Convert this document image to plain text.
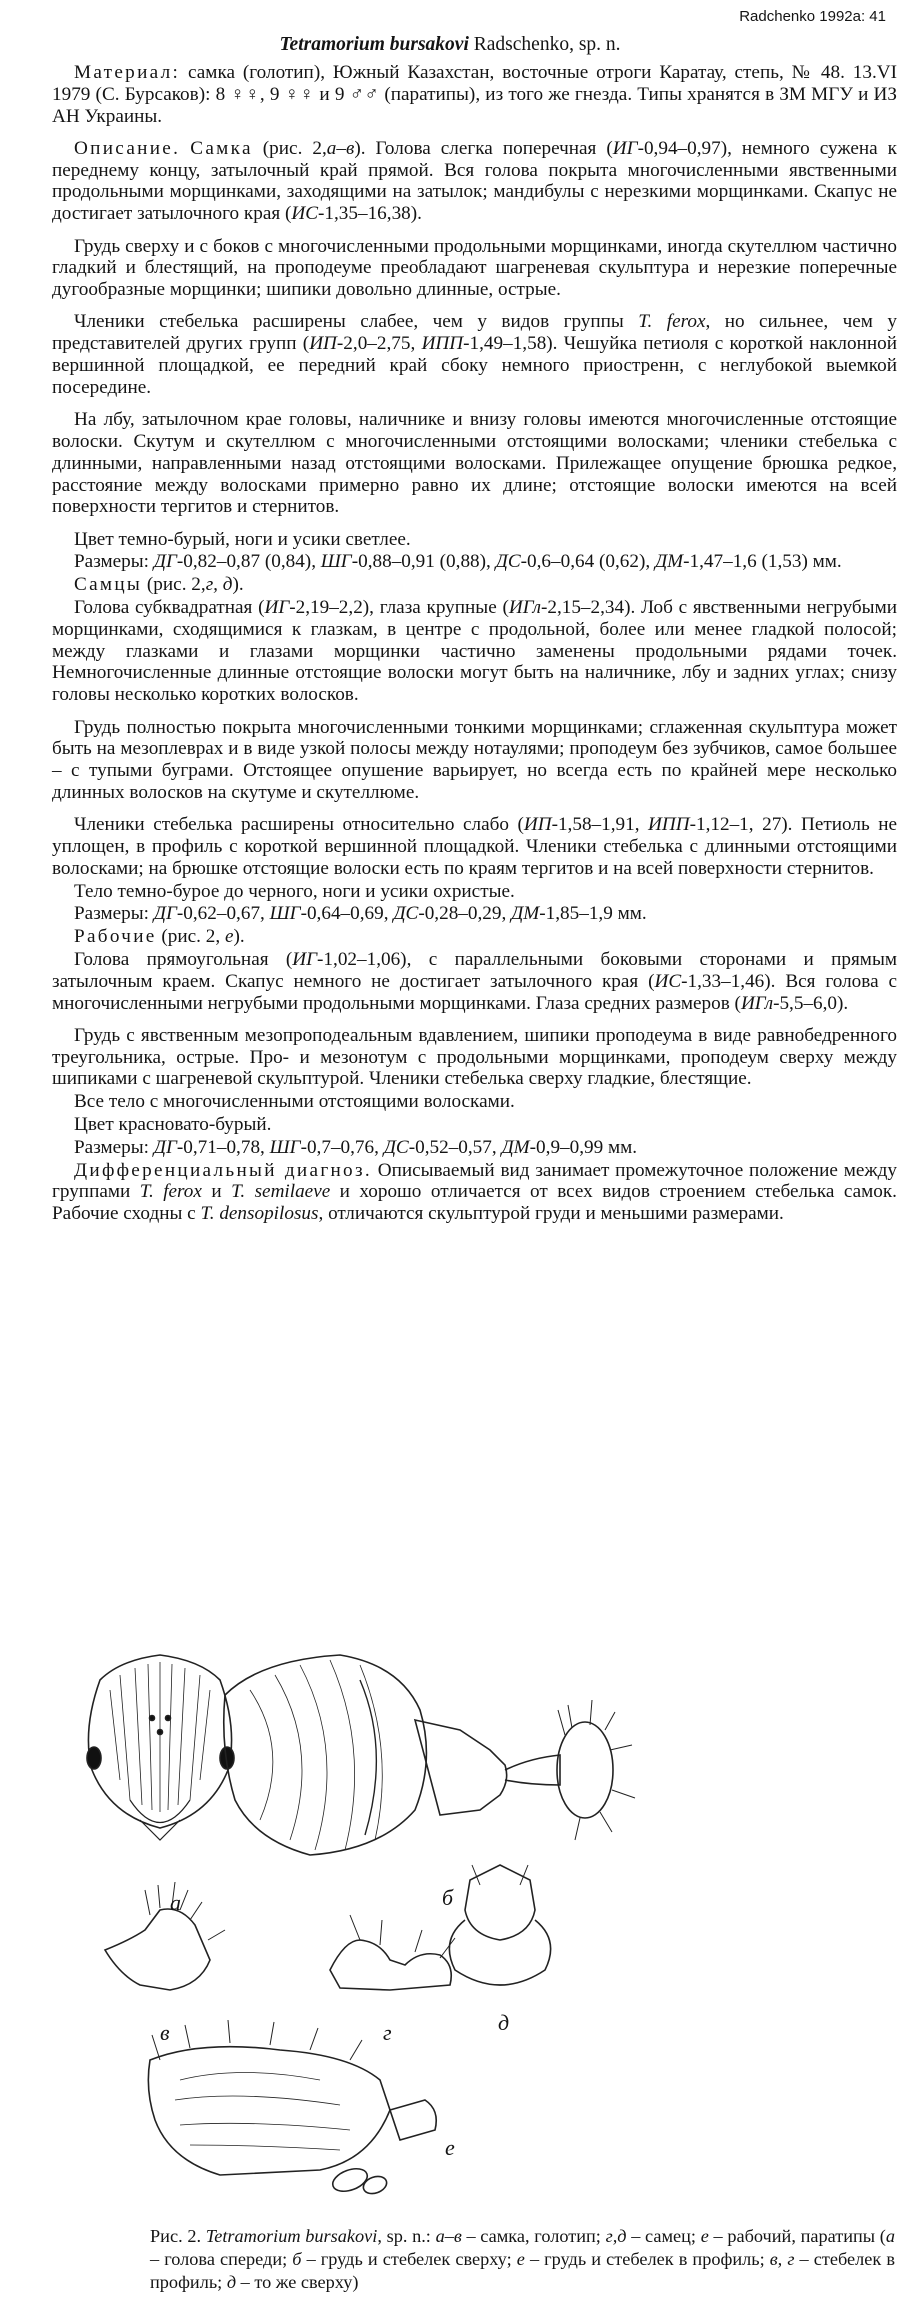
Radchenko 1992a: 41
Tetramorium bursakovi Radschenko, sp. n.

Материал: самка (голотип), Южный Казахстан, восточные отроги Каратау, степь, № 48. 13.VI 1979 (С. Бурсаков): 8 ♀♀, 9 ♀♀ и 9 ♂♂ (паратипы), из того же гнезда. Типы хранятся в ЗМ МГУ и ИЗ АН Украины.

Описание. Самка (рис. 2,а–в). Голова слегка поперечная (ИГ-0,94–0,97), немного сужена к переднему концу, затылочный край прямой. Вся голова покрыта многочисленными явственными продольными морщинками, заходящими на затылок; мандибулы с нерезкими морщинками. Скапус не достигает затылочного края (ИС-1,35–16,38).

Грудь сверху и с боков с многочисленными продольными морщинками, иногда скутеллюм частично гладкий и блестящий, на проподеуме преобладают шагреневая скульптура и нерезкие поперечные дугообразные морщинки; шипики довольно длинные, острые.

Членики стебелька расширены слабее, чем у видов группы T. ferox, но сильнее, чем у представителей других групп (ИП-2,0–2,75, ИПП-1,49–1,58). Чешуйка петиоля с короткой наклонной вершинной площадкой, ее передний край сбоку немного приостренн, с неглубокой выемкой посередине.

На лбу, затылочном крае головы, наличнике и внизу головы имеются многочисленные отстоящие волоски. Скутум и скутеллюм с многочисленными отстоящими волосками; членики стебелька с длинными, направленными назад отстоящими волосками. Прилежащее опущение брюшка редкое, расстояние между волосками примерно равно их длине; отстоящие волоски имеются на всей поверхности тергитов и стернитов.

Цвет темно-бурый, ноги и усики светлее.

Размеры: ДГ-0,82–0,87 (0,84), ШГ-0,88–0,91 (0,88), ДС-0,6–0,64 (0,62), ДМ-1,47–1,6 (1,53) мм.

Самцы (рис. 2,г, д).

Голова субквадратная (ИГ-2,19–2,2), глаза крупные (ИГл-2,15–2,34). Лоб с явственными негрубыми морщинками, сходящимися к глазкам, в центре с продольной, более или менее гладкой полосой; между глазками и глазами морщинки частично заменены продольными рядами точек. Немногочисленные длинные отстоящие волоски могут быть на наличнике, лбу и задних углах; снизу головы несколько коротких волосков.

Грудь полностью покрыта многочисленными тонкими морщинками; сглаженная скульптура может быть на мезоплеврах и в виде узкой полосы между нотаулями; проподеум без зубчиков, самое большее – с тупыми буграми. Отстоящее опушение варьирует, но всегда есть по крайней мере несколько длинных волосков на скутуме и скутеллюме.

Членики стебелька расширены относительно слабо (ИП-1,58–1,91, ИПП-1,12–1, 27). Петиоль не уплощен, в профиль с короткой вершинной площадкой. Членики стебелька с длинными отстоящими волосками; на брюшке отстоящие волоски есть по краям тергитов и на всей поверхности стернитов.

Тело темно-бурое до черного, ноги и усики охристые.

Размеры: ДГ-0,62–0,67, ШГ-0,64–0,69, ДС-0,28–0,29, ДМ-1,85–1,9 мм.

Рабочие (рис. 2, е).

Голова прямоугольная (ИГ-1,02–1,06), с параллельными боковыми сторонами и прямым затылочным краем. Скапус немного не достигает затылочного края (ИС-1,33–1,46). Вся голова с многочисленными негрубыми продольными морщинками. Глаза средних размеров (ИГл-5,5–6,0).

Грудь с явственным мезопроподеальным вдавлением, шипики проподеума в виде равнобедренного треугольника, острые. Про- и мезонотум с продольными морщинками, проподеум сверху между шипиками с шагреневой скульптурой. Членики стебелька сверху гладкие, блестящие.

Все тело с многочисленными отстоящими волосками.

Цвет красновато-бурый.

Размеры: ДГ-0,71–0,78, ШГ-0,7–0,76, ДС-0,52–0,57, ДМ-0,9–0,99 мм.

Дифференциальный диагноз. Описываемый вид занимает промежуточное положение между группами T. ferox и T. semilaeve и хорошо отличается от всех видов строением стебелька самок. Рабочие сходны с T. densopilosus, отличаются скульптурой груди и меньшими размерами.

а	б
в	г	д
е
Рис. 2. Tetramorium bursakovi, sp. n.: а–в – самка, голотип; г,д – самец; е – рабочий, паратипы (а – голова спереди; б – грудь и стебелек сверху; е – грудь и стебелек в профиль; в, г – стебелек в профиль; д – то же сверху)
